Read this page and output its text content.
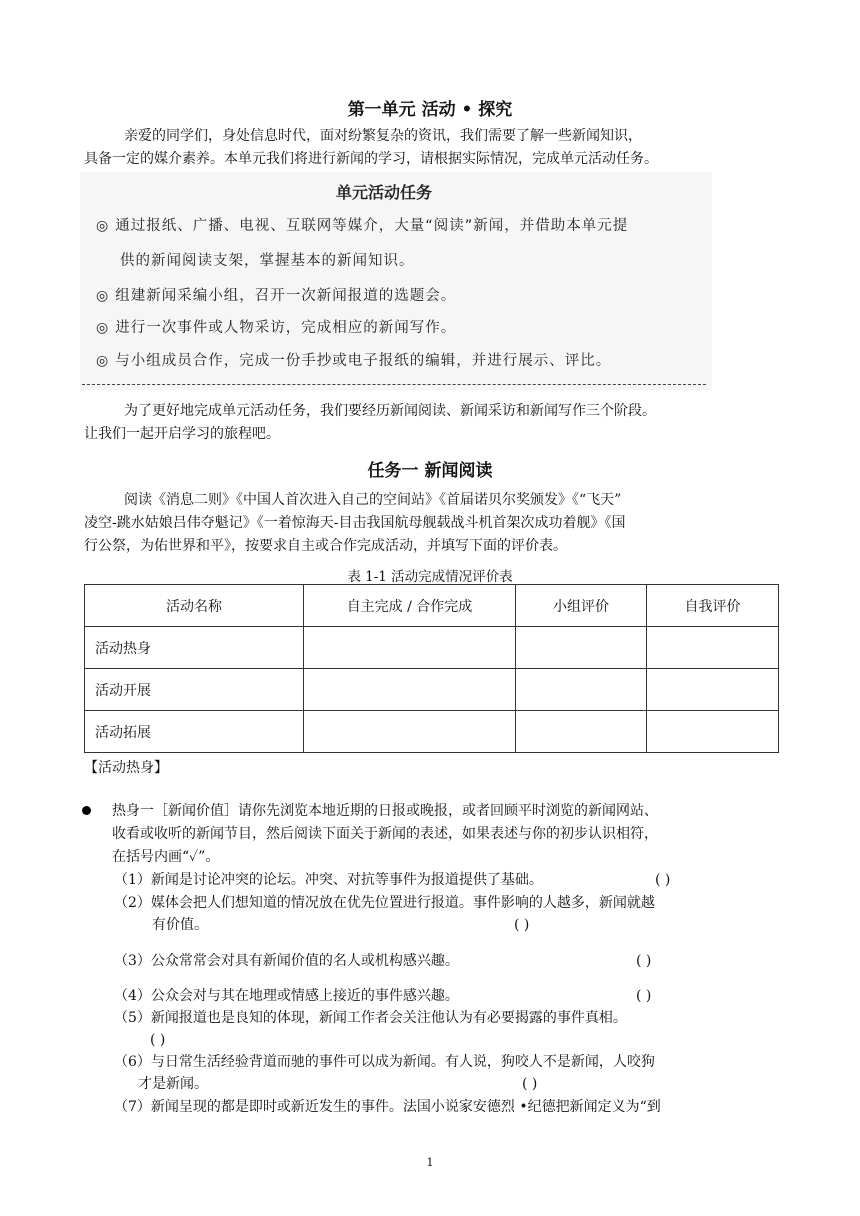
第一单元 活动 • 探究
亲爱的同学们，身处信息时代，面对纷繁复杂的资讯，我们需要了解一些新闻知识，
具备一定的媒介素养。本单元我们将进行新闻的学习，请根据实际情况，完成单元活动任务。
单元活动任务
◎ 通过报纸、广播、电视、互联网等媒介，大量“阅读”新闻，并借助本单元提
供的新闻阅读支架，掌握基本的新闻知识。
◎ 组建新闻采编小组，召开一次新闻报道的选题会。
◎ 进行一次事件或人物采访，完成相应的新闻写作。
◎ 与小组成员合作，完成一份手抄或电子报纸的编辑，并进行展示、评比。
为了更好地完成单元活动任务，我们要经历新闻阅读、新闻采访和新闻写作三个阶段。
让我们一起开启学习的旅程吧。
任务一 新闻阅读
阅读《消息二则》《中国人首次进入自己的空间站》《首届诺贝尔奖颁发》《“飞天”
凌空-跳水姑娘吕伟夺魁记》《一着惊海天-目击我国航母舰载战斗机首架次成功着舰》《国
行公祭，为佑世界和平》，按要求自主或合作完成活动，并填写下面的评价表。
表 1-1 活动完成情况评价表
活动名称	自主完成 / 合作完成	小组评价	自我评价
活动热身			
活动开展			
活动拓展			
【活动热身】
热身一［新闻价值］请你先浏览本地近期的日报或晚报，或者回顾平时浏览的新闻网站、
收看或收听的新闻节目，然后阅读下面关于新闻的表述，如果表述与你的初步认识相符，
在括号内画“✓”。
（1）新闻是讨论冲突的论坛。冲突、对抗等事件为报道提供了基础。	( )
（2）媒体会把人们想知道的情况放在优先位置进行报道。事件影响的人越多，新闻就越
有价值。	( )
（3）公众常常会对具有新闻价值的名人或机构感兴趣。	( )
（4）公众会对与其在地理或情感上接近的事件感兴趣。	( )
（5）新闻报道也是良知的体现，新闻工作者会关注他认为有必要揭露的事件真相。
( )
（6）与日常生活经验背道而驰的事件可以成为新闻。有人说，狗咬人不是新闻，人咬狗
才是新闻。	( )
（7）新闻呈现的都是即时或新近发生的事件。法国小说家安德烈 •纪德把新闻定义为“到
1
